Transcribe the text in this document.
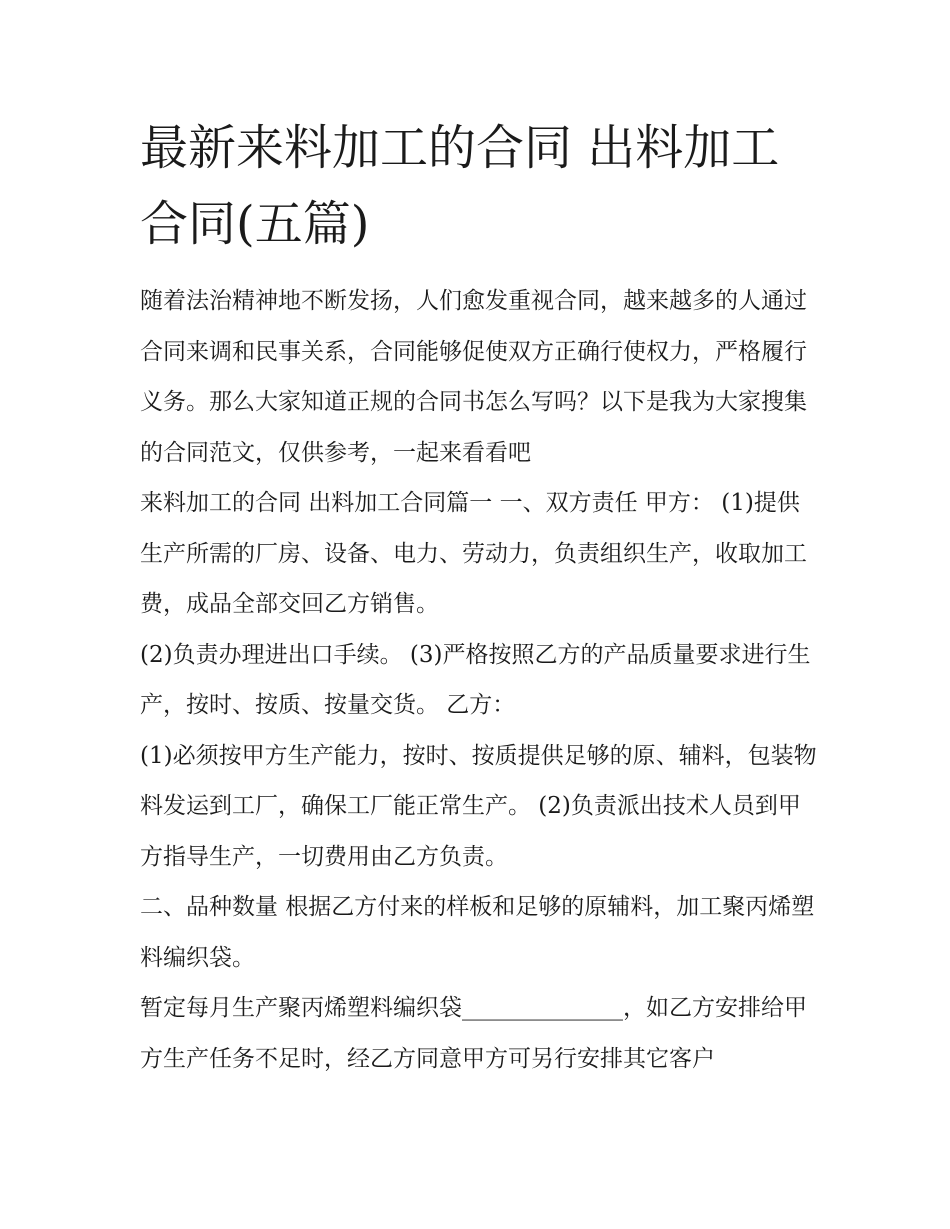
最新来料加工的合同 出料加工合同(五篇)

随着法治精神地不断发扬，人们愈发重视合同，越来越多的人通过合同来调和民事关系，合同能够促使双方正确行使权力，严格履行义务。那么大家知道正规的合同书怎么写吗？以下是我为大家搜集的合同范文，仅供参考，一起来看看吧

来料加工的合同 出料加工合同篇一 一、双方责任 甲方： (1)提供生产所需的厂房、设备、电力、劳动力，负责组织生产，收取加工费，成品全部交回乙方销售。

(2)负责办理进出口手续。 (3)严格按照乙方的产品质量要求进行生产，按时、按质、按量交货。 乙方：

(1)必须按甲方生产能力，按时、按质提供足够的原、辅料，包装物料发运到工厂，确保工厂能正常生产。 (2)负责派出技术人员到甲方指导生产，一切费用由乙方负责。

二、品种数量 根据乙方付来的样板和足够的原辅料，加工聚丙烯塑料编织袋。

暂定每月生产聚丙烯塑料编织袋______________，如乙方安排给甲方生产任务不足时，经乙方同意甲方可另行安排其它客户
